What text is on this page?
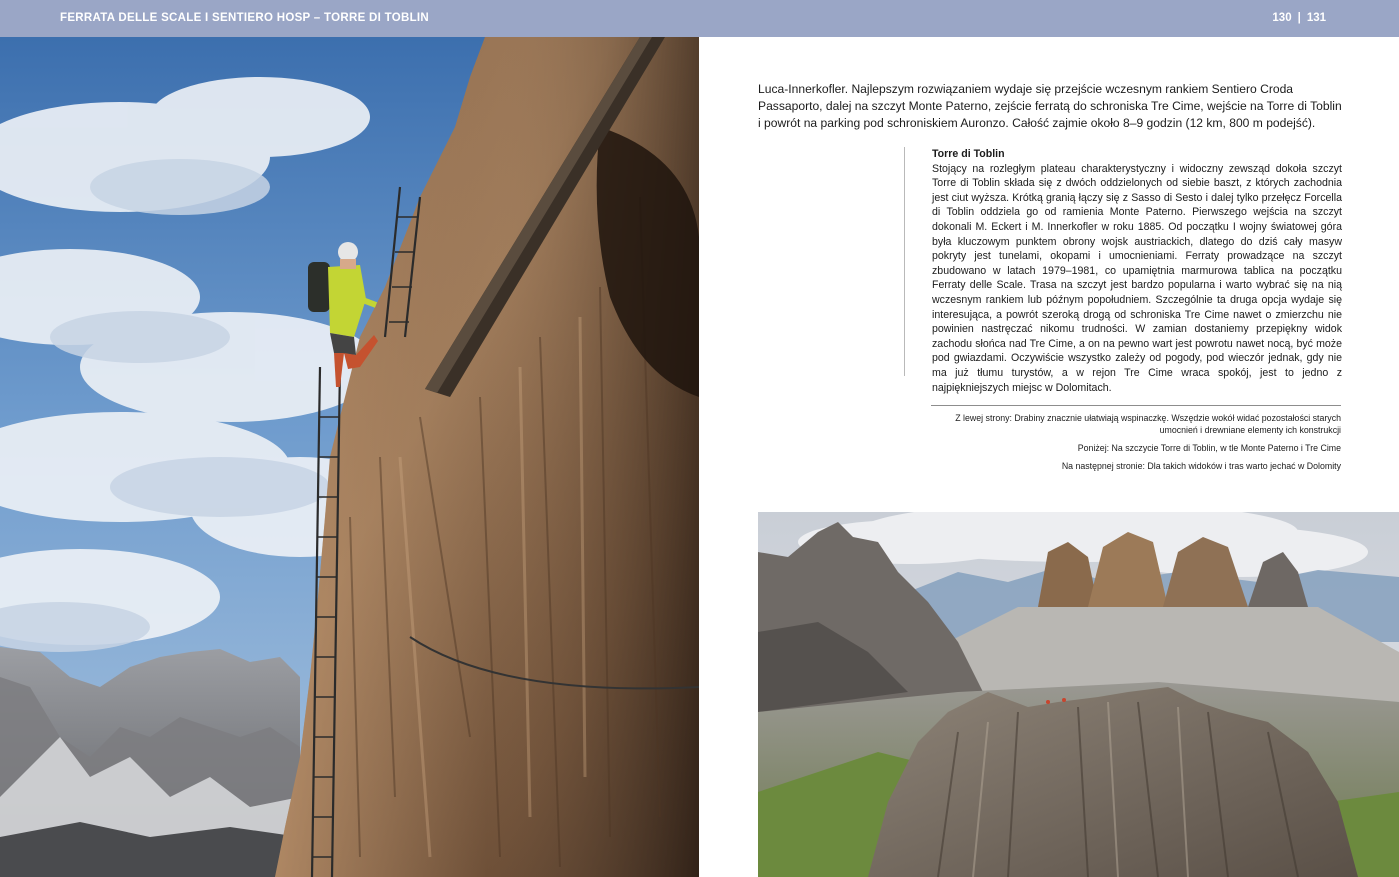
FERRATA DELLE SCALE I SENTIERO HOSP – TORRE DI TOBLIN	130 | 131

Luca-Innerkofler. Najlepszym rozwiązaniem wydaje się przejście wczesnym rankiem Sentiero Croda Passaporto, dalej na szczyt Monte Paterno, zejście ferratą do schroniska Tre Cime, wejście na Torre di Toblin i powrót na parking pod schroniskiem Auronzo. Całość zajmie około 8–9 godzin (12 km, 800 m podejść).

Torre di Toblin

Stojący na rozległym plateau charakterystyczny i widoczny zewsząd dokoła szczyt Torre di Toblin składa się z dwóch oddzielonych od siebie baszt, z których zachodnia jest ciut wyższa. Krótką granią łączy się z Sasso di Sesto i dalej tylko przełęcz Forcella di Toblin oddziela go od ramienia Monte Paterno. Pierwszego wejścia na szczyt dokonali M. Eckert i M. Innerkofler w roku 1885. Od początku I wojny światowej góra była kluczowym punktem obrony wojsk austriackich, dlatego do dziś cały masyw pokryty jest tunelami, okopami i umocnieniami. Ferraty prowadzące na szczyt zbudowano w latach 1979–1981, co upamiętnia marmurowa tablica na początku Ferraty delle Scale. Trasa na szczyt jest bardzo popularna i warto wybrać się na nią wczesnym rankiem lub późnym popołudniem. Szczególnie ta druga opcja wydaje się interesująca, a powrót szeroką drogą od schroniska Tre Cime nawet o zmierzchu nie powinien nastręczać nikomu trudności. W zamian dostaniemy przepiękny widok zachodu słońca nad Tre Cime, a on na pewno wart jest powrotu nawet nocą, być może pod gwiazdami. Oczywiście wszystko zależy od pogody, pod wieczór jednak, gdy nie ma już tłumu turystów, a w rejon Tre Cime wraca spokój, jest to jedno z najpiękniejszych miejsc w Dolomitach.

Z lewej strony: Drabiny znacznie ułatwiają wspinaczkę. Wszędzie wokół widać pozostałości starych umocnień i drewniane elementy ich konstrukcji

Poniżej: Na szczycie Torre di Toblin, w tle Monte Paterno i Tre Cime

Na następnej stronie: Dla takich widoków i tras warto jechać w Dolomity
